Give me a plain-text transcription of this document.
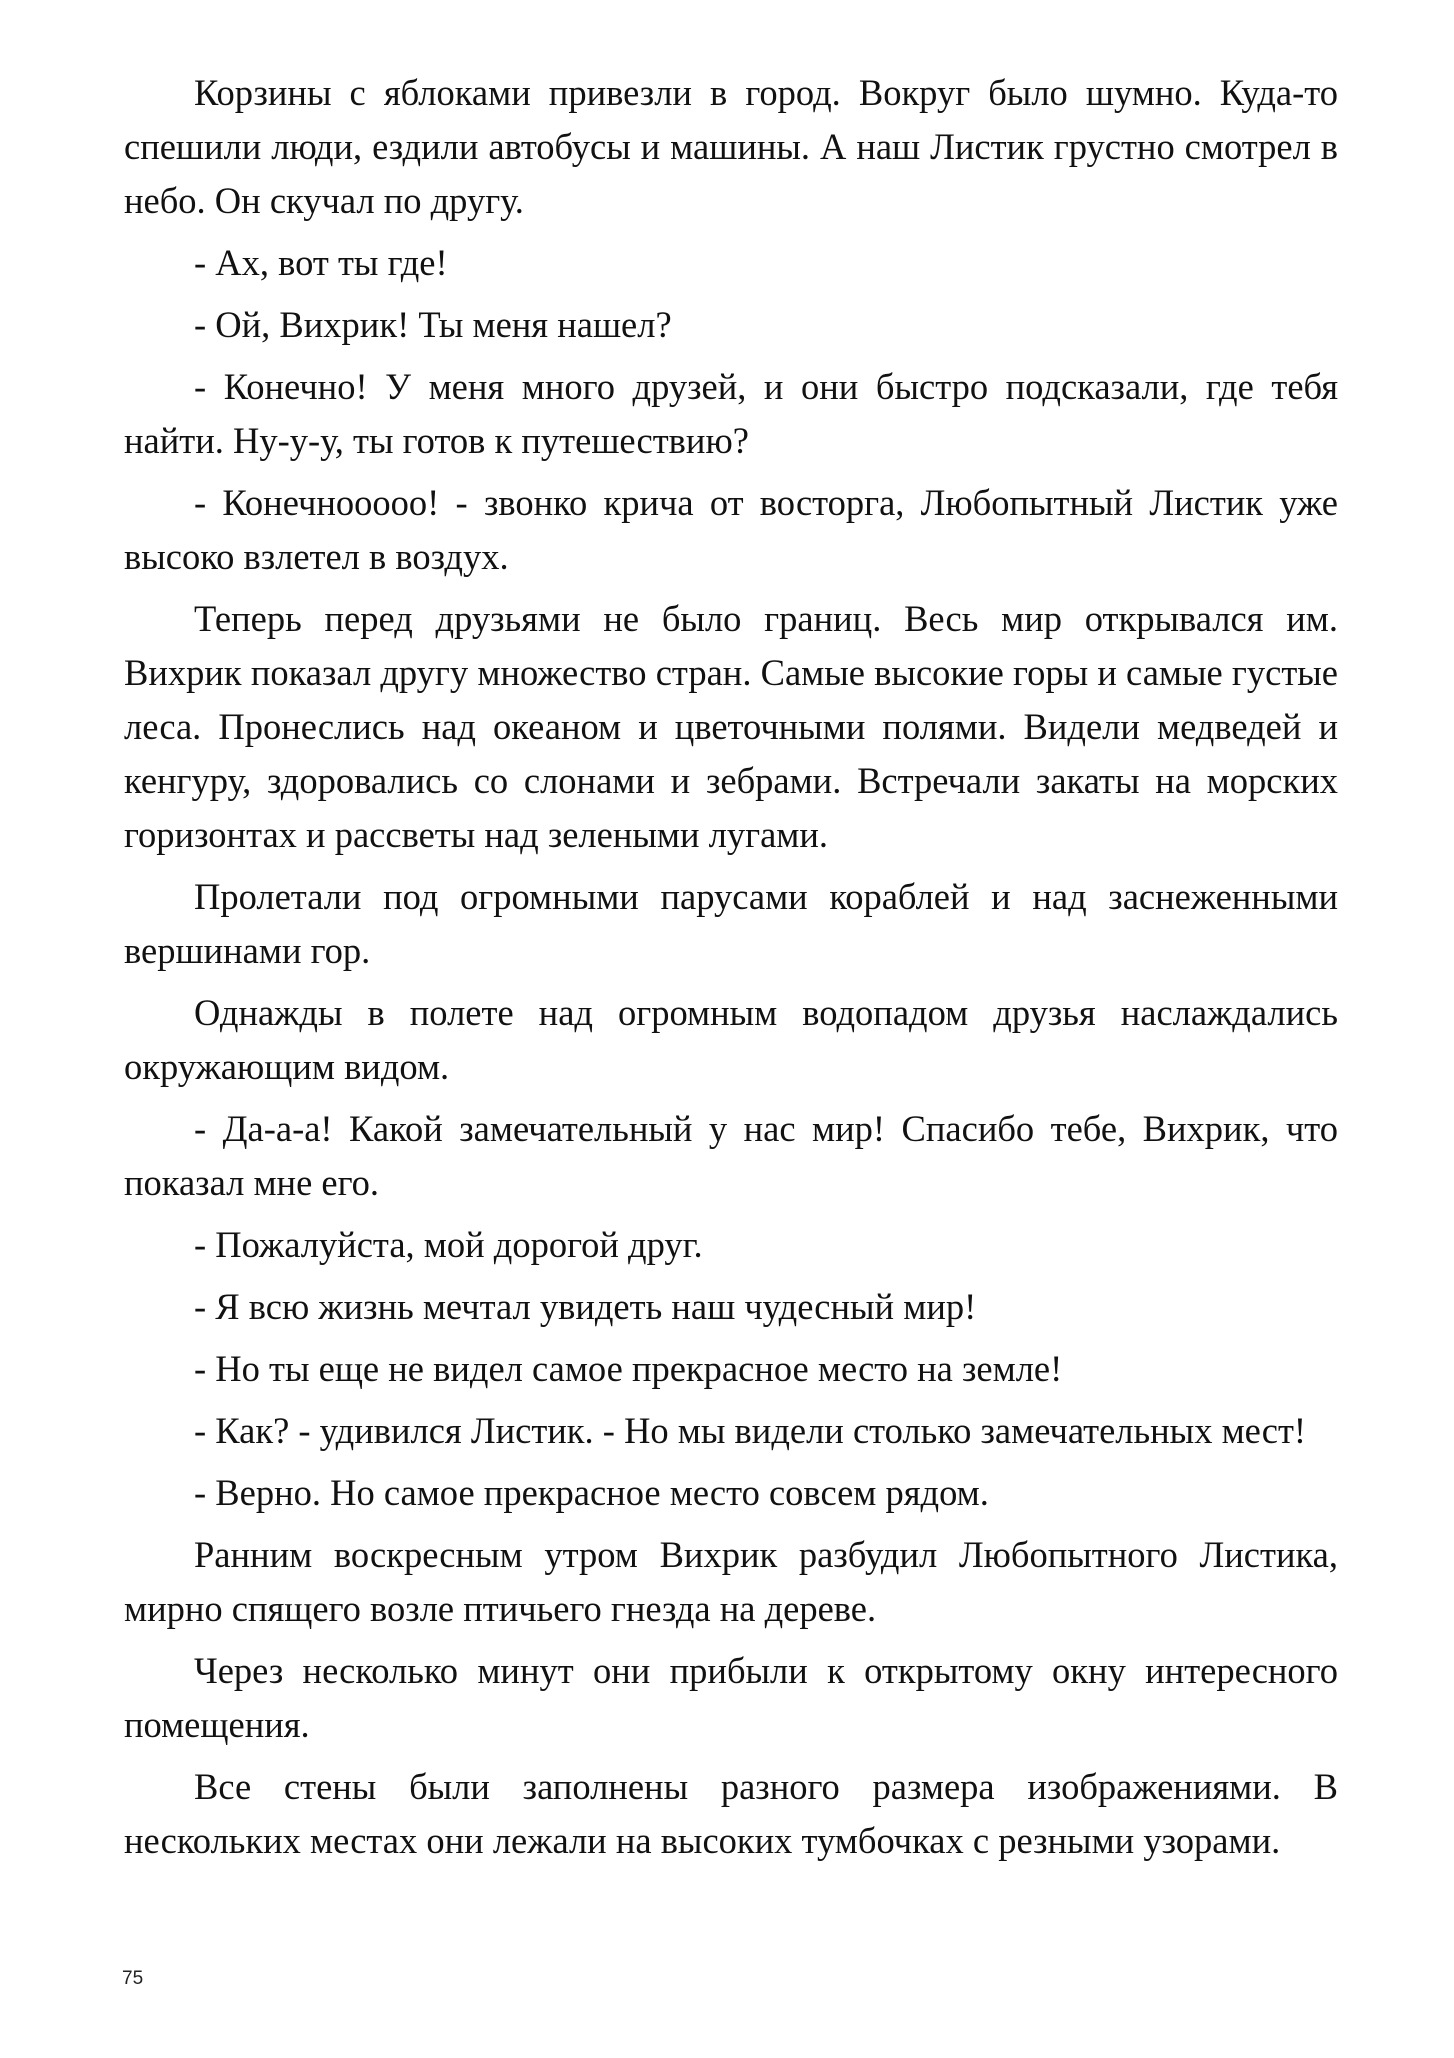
Корзины с яблоками привезли в город. Вокруг было шумно. Куда-то спешили люди, ездили автобусы и машины. А наш Листик грустно смотрел в небо. Он скучал по другу.

- Ах, вот ты где!

- Ой, Вихрик! Ты меня нашел?

- Конечно! У меня много друзей, и они быстро подсказали, где тебя найти. Ну-у-у, ты готов к путешествию?

- Конечнооооо! - звонко крича от восторга, Любопытный Листик уже высоко взлетел в воздух.

Теперь перед друзьями не было границ. Весь мир открывался им. Вихрик показал другу множество стран. Самые высокие горы и самые густые леса. Пронеслись над океаном и цветочными полями. Видели медведей и кенгуру, здоровались со слонами и зебрами. Встречали закаты на морских горизонтах и рассветы над зелеными лугами.

Пролетали под огромными парусами кораблей и над заснеженными вершинами гор.

Однажды в полете над огромным водопадом друзья наслаждались окружающим видом.

- Да-а-а! Какой замечательный у нас мир! Спасибо тебе, Вихрик, что показал мне его.

- Пожалуйста, мой дорогой друг.

- Я всю жизнь мечтал увидеть наш чудесный мир!

- Но ты еще не видел самое прекрасное место на земле!

- Как? - удивился Листик. - Но мы видели столько замечательных мест!

- Верно. Но самое прекрасное место совсем рядом.

Ранним воскресным утром Вихрик разбудил Любопытного Листика, мирно спящего возле птичьего гнезда на дереве.

Через несколько минут они прибыли к открытому окну интересного помещения.

Все стены были заполнены разного размера изображениями. В нескольких местах они лежали на высоких тумбочках с резными узорами.

75
